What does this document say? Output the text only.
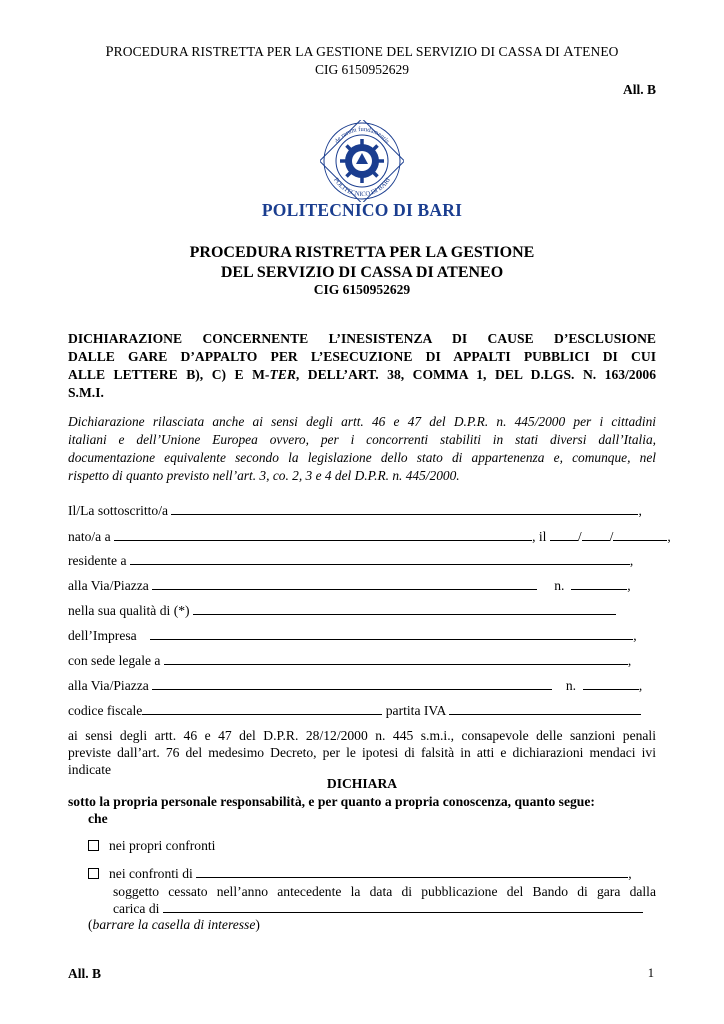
PROCEDURA RISTRETTA PER LA GESTIONE DEL SERVIZIO DI CASSA DI ATENEO
CIG 6150952629
All. B
de rerum fundamentis
POLITECNICO DI BARI
POLITECNICO DI BARI
PROCEDURA RISTRETTA PER LA GESTIONE
DEL SERVIZIO DI CASSA DI ATENEO
CIG 6150952629
DICHIARAZIONE CONCERNENTE L’INESISTENZA DI CAUSE D’ESCLUSIONE
DALLE GARE D’APPALTO PER L’ESECUZIONE DI APPALTI PUBBLICI DI CUI
ALLE LETTERE B), C) E M-TER, DELL’ART. 38, COMMA 1, DEL D.LGS. N. 163/2006
S.M.I.
Dichiarazione rilasciata anche ai sensi degli artt. 46 e 47 del D.P.R. n. 445/2000 per i cittadini
italiani e dell’Unione Europea ovvero, per i concorrenti stabiliti in stati diversi dall’Italia,
documentazione equivalente secondo la legislazione dello stato di appartenenza e, comunque, nel
rispetto di quanto previsto nell’art. 3, co. 2, 3 e 4 del D.P.R. n. 445/2000.
Il/La sottoscritto/a	,
nato/a a	, il / /	,
residente a	,
alla Via/Piazza	n.	,
nella sua qualità di (*)
dell’Impresa	,
con sede legale a	,
alla Via/Piazza	n.	,
codice fiscale	partita IVA
ai sensi degli artt. 46 e 47 del D.P.R. 28/12/2000 n. 445 s.m.i., consapevole delle sanzioni penali
previste dall’art. 76 del medesimo Decreto, per le ipotesi di falsità in atti e dichiarazioni mendaci ivi
indicate
DICHIARA
sotto la propria personale responsabilità, e per quanto a propria conoscenza, quanto segue:
che
nei propri confronti
nei confronti di	,
soggetto cessato nell’anno antecedente la data di pubblicazione del Bando di gara dalla
carica di
(barrare la casella di interesse)
All. B	1
